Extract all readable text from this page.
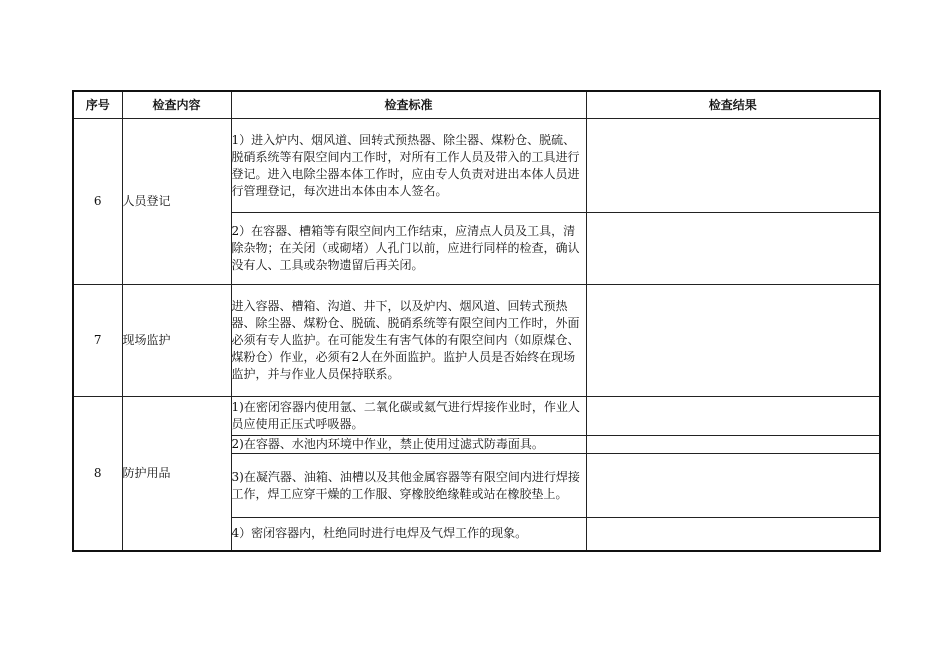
序号	检查内容	检查标准	检查结果
6	人员登记	1）进入炉内、烟风道、回转式预热器、除尘器、煤粉仓、脱硫、脱硝系统等有限空间内工作时，对所有工作人员及带入的工具进行登记。进入电除尘器本体工作时，应由专人负责对进出本体人员进行管理登记，每次进出本体由本人签名。	
		2）在容器、槽箱等有限空间内工作结束，应清点人员及工具，清除杂物；在关闭（或砌堵）人孔门以前，应进行同样的检查，确认没有人、工具或杂物遗留后再关闭。	
7	现场监护	进入容器、槽箱、沟道、井下，以及炉内、烟风道、回转式预热器、除尘器、煤粉仓、脱硫、脱硝系统等有限空间内工作时，外面必须有专人监护。在可能发生有害气体的有限空间内（如原煤仓、煤粉仓）作业，必须有2人在外面监护。监护人员是否始终在现场监护，并与作业人员保持联系。	
8	防护用品	1)在密闭容器内使用氩、二氧化碳或氦气进行焊接作业时，作业人员应使用正压式呼吸器。	
		2)在容器、水池内环境中作业，禁止使用过滤式防毒面具。	
		3)在凝汽器、油箱、油槽以及其他金属容器等有限空间内进行焊接工作，焊工应穿干燥的工作服、穿橡胶绝缘鞋或站在橡胶垫上。	
		4）密闭容器内，杜绝同时进行电焊及气焊工作的现象。	
